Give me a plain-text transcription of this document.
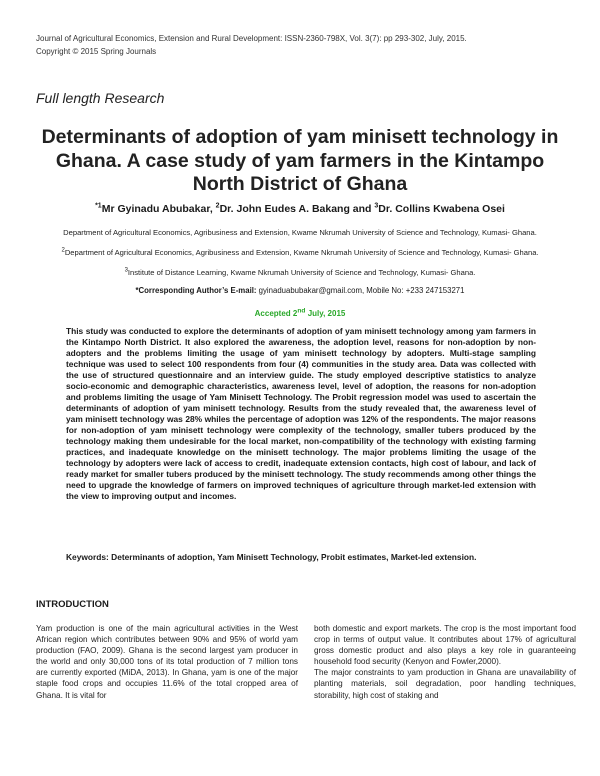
Journal of Agricultural Economics, Extension and Rural Development: ISSN-2360-798X, Vol. 3(7): pp 293-302, July, 2015.
Copyright © 2015 Spring Journals
Full length Research
Determinants of adoption of yam minisett technology in Ghana. A case study of yam farmers in the Kintampo North District of Ghana
$^{*1}$Mr Gyinadu Abubakar, $^2$Dr. John Eudes A. Bakang and $^3$Dr. Collins Kwabena Osei
Department of Agricultural Economics, Agribusiness and Extension, Kwame Nkrumah University of Science and Technology, Kumasi- Ghana.
$^2$Department of Agricultural Economics, Agribusiness and Extension, Kwame Nkrumah University of Science and Technology, Kumasi- Ghana.
$^3$Institute of Distance Learning, Kwame Nkrumah University of Science and Technology, Kumasi- Ghana.
*Corresponding Author’s E-mail: gyinaduabubakar@gmail.com, Mobile No: +233 247153271
Accepted 2nd July, 2015
This study was conducted to explore the determinants of adoption of yam minisett technology among yam farmers in the Kintampo North District. It also explored the awareness, the adoption level, reasons for non-adoption by non-adopters and the problems limiting the usage of yam minisett technology by adopters. Multi-stage sampling technique was used to select 100 respondents from four (4) communities in the study area. Data was collected with the use of structured questionnaire and an interview guide. The study employed descriptive statistics to analyze socio-economic and demographic characteristics, awareness level, level of adoption, the reasons for non-adoption and problems limiting the usage of Yam Minisett Technology. The Probit regression model was used to ascertain the determinants of adoption of yam minisett technology. Results from the study revealed that, the awareness level of yam minisett technology was 28% whiles the percentage of adoption was 12% of the respondents. The major reasons for non-adoption of yam minisett technology were complexity of the technology, smaller tubers produced by the technology making them undesirable for the local market, non-compatibility of the technology with existing farming practices, and inadequate knowledge on the minisett technology. The major problems limiting the usage of the technology by adopters were lack of access to credit, inadequate extension contacts, high cost of labour, and lack of ready market for smaller tubers produced by the minisett technology. The study recommends among other things the need to upgrade the knowledge of farmers on improved techniques of agriculture through market-led extension with the view to improving output and incomes.
Keywords: Determinants of adoption, Yam Minisett Technology, Probit estimates, Market-led extension.
INTRODUCTION
Yam production is one of the main agricultural activities in the West African region which contributes between 90% and 95% of world yam production (FAO, 2009). Ghana is the second largest yam producer in the world and only 30,000 tons of its total production of 7 million tons are currently exported (MiDA, 2013). In Ghana, yam is one of the major staple food crops and occupies 11.6% of the total cropped area of Ghana. It is vital for
both domestic and export markets. The crop is the most important food crop in terms of output value. It contributes about 17% of agricultural gross domestic product and also plays a key role in guaranteeing household food security (Kenyon and Fowler,2000).
The major constraints to yam production in Ghana are unavailability of planting materials, soil degradation, poor handling techniques, storability, high cost of staking and
